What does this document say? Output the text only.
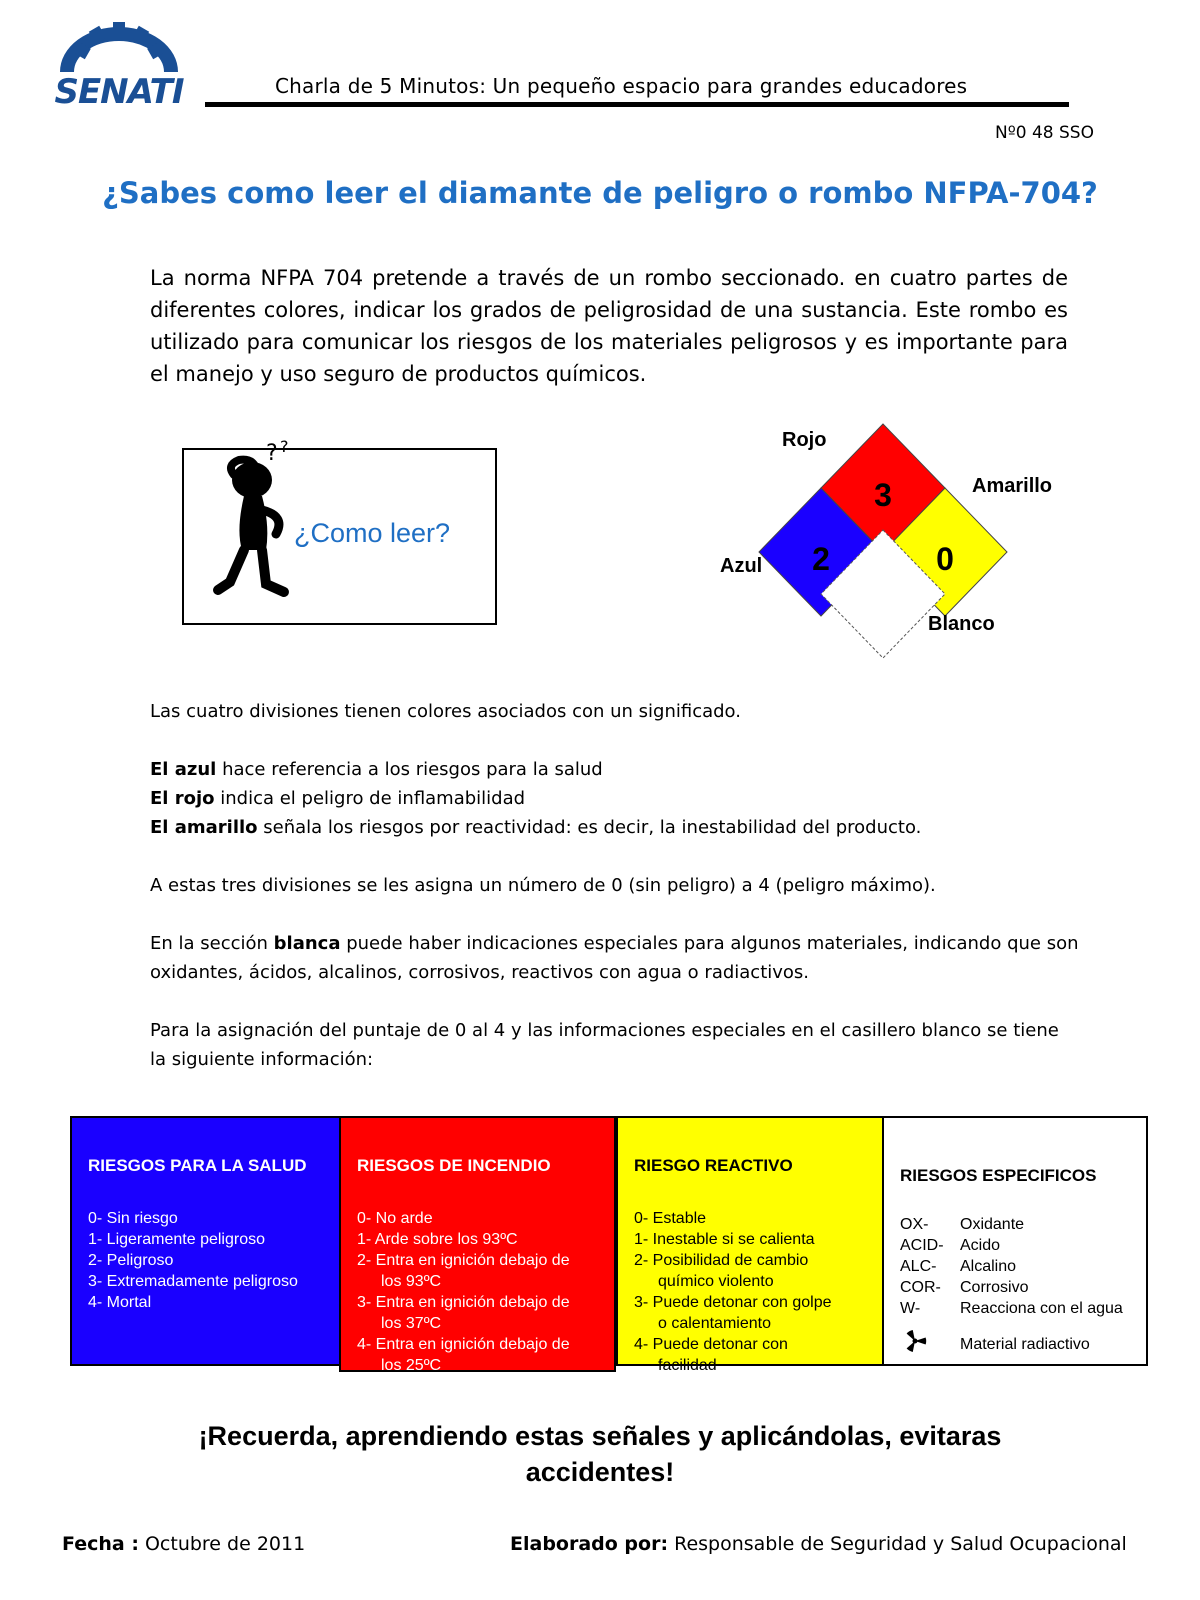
SENATI	Charla de 5 Minutos: Un pequeño espacio para grandes educadores
Nº0 48 SSO
¿Sabes como leer el diamante de peligro o rombo NFPA-704?
La norma NFPA 704 pretende a través de un rombo seccionado. en cuatro partes de diferentes colores, indicar los grados de peligrosidad de una sustancia. Este rombo es utilizado para comunicar los riesgos de los materiales peligrosos y es importante para el manejo y uso seguro de productos químicos.
? ?
¿Como leer?
3
2	0
Rojo
Amarillo
Azul
Blanco
Las cuatro divisiones tienen colores asociados con un significado.
El azul hace referencia a los riesgos para la salud
El rojo indica el peligro de inflamabilidad
El amarillo señala los riesgos por reactividad: es decir, la inestabilidad del producto.
A estas tres divisiones se les asigna un número de 0 (sin peligro) a 4 (peligro máximo).
En la sección blanca puede haber indicaciones especiales para algunos materiales, indicando que son oxidantes, ácidos, alcalinos, corrosivos, reactivos con agua o radiactivos.
Para la asignación del puntaje de 0 al 4 y las informaciones especiales en el casillero blanco se tiene la siguiente información:
RIESGOS PARA LA SALUD
0- Sin riesgo
1- Ligeramente peligroso
2- Peligroso
3- Extremadamente peligroso
4- Mortal
RIESGOS DE INCENDIO
0- No arde
1- Arde sobre los 93ºC
2- Entra en ignición debajo de
los 93ºC
3- Entra en ignición debajo de
los 37ºC
4- Entra en ignición debajo de
los 25ºC
RIESGO REACTIVO
0- Estable
1- Inestable si se calienta
2- Posibilidad de cambio
químico violento
3- Puede detonar con golpe
o calentamiento
4- Puede detonar con
facilidad
RIESGOS ESPECIFICOS
OX-	Oxidante
ACID-	Acido
ALC-	Alcalino
COR-	Corrosivo
W-	Reacciona con el agua
Material radiactivo
¡Recuerda, aprendiendo estas señales y aplicándolas, evitaras
accidentes!
Fecha : Octubre de 2011	Elaborado por: Responsable de Seguridad y Salud Ocupacional
